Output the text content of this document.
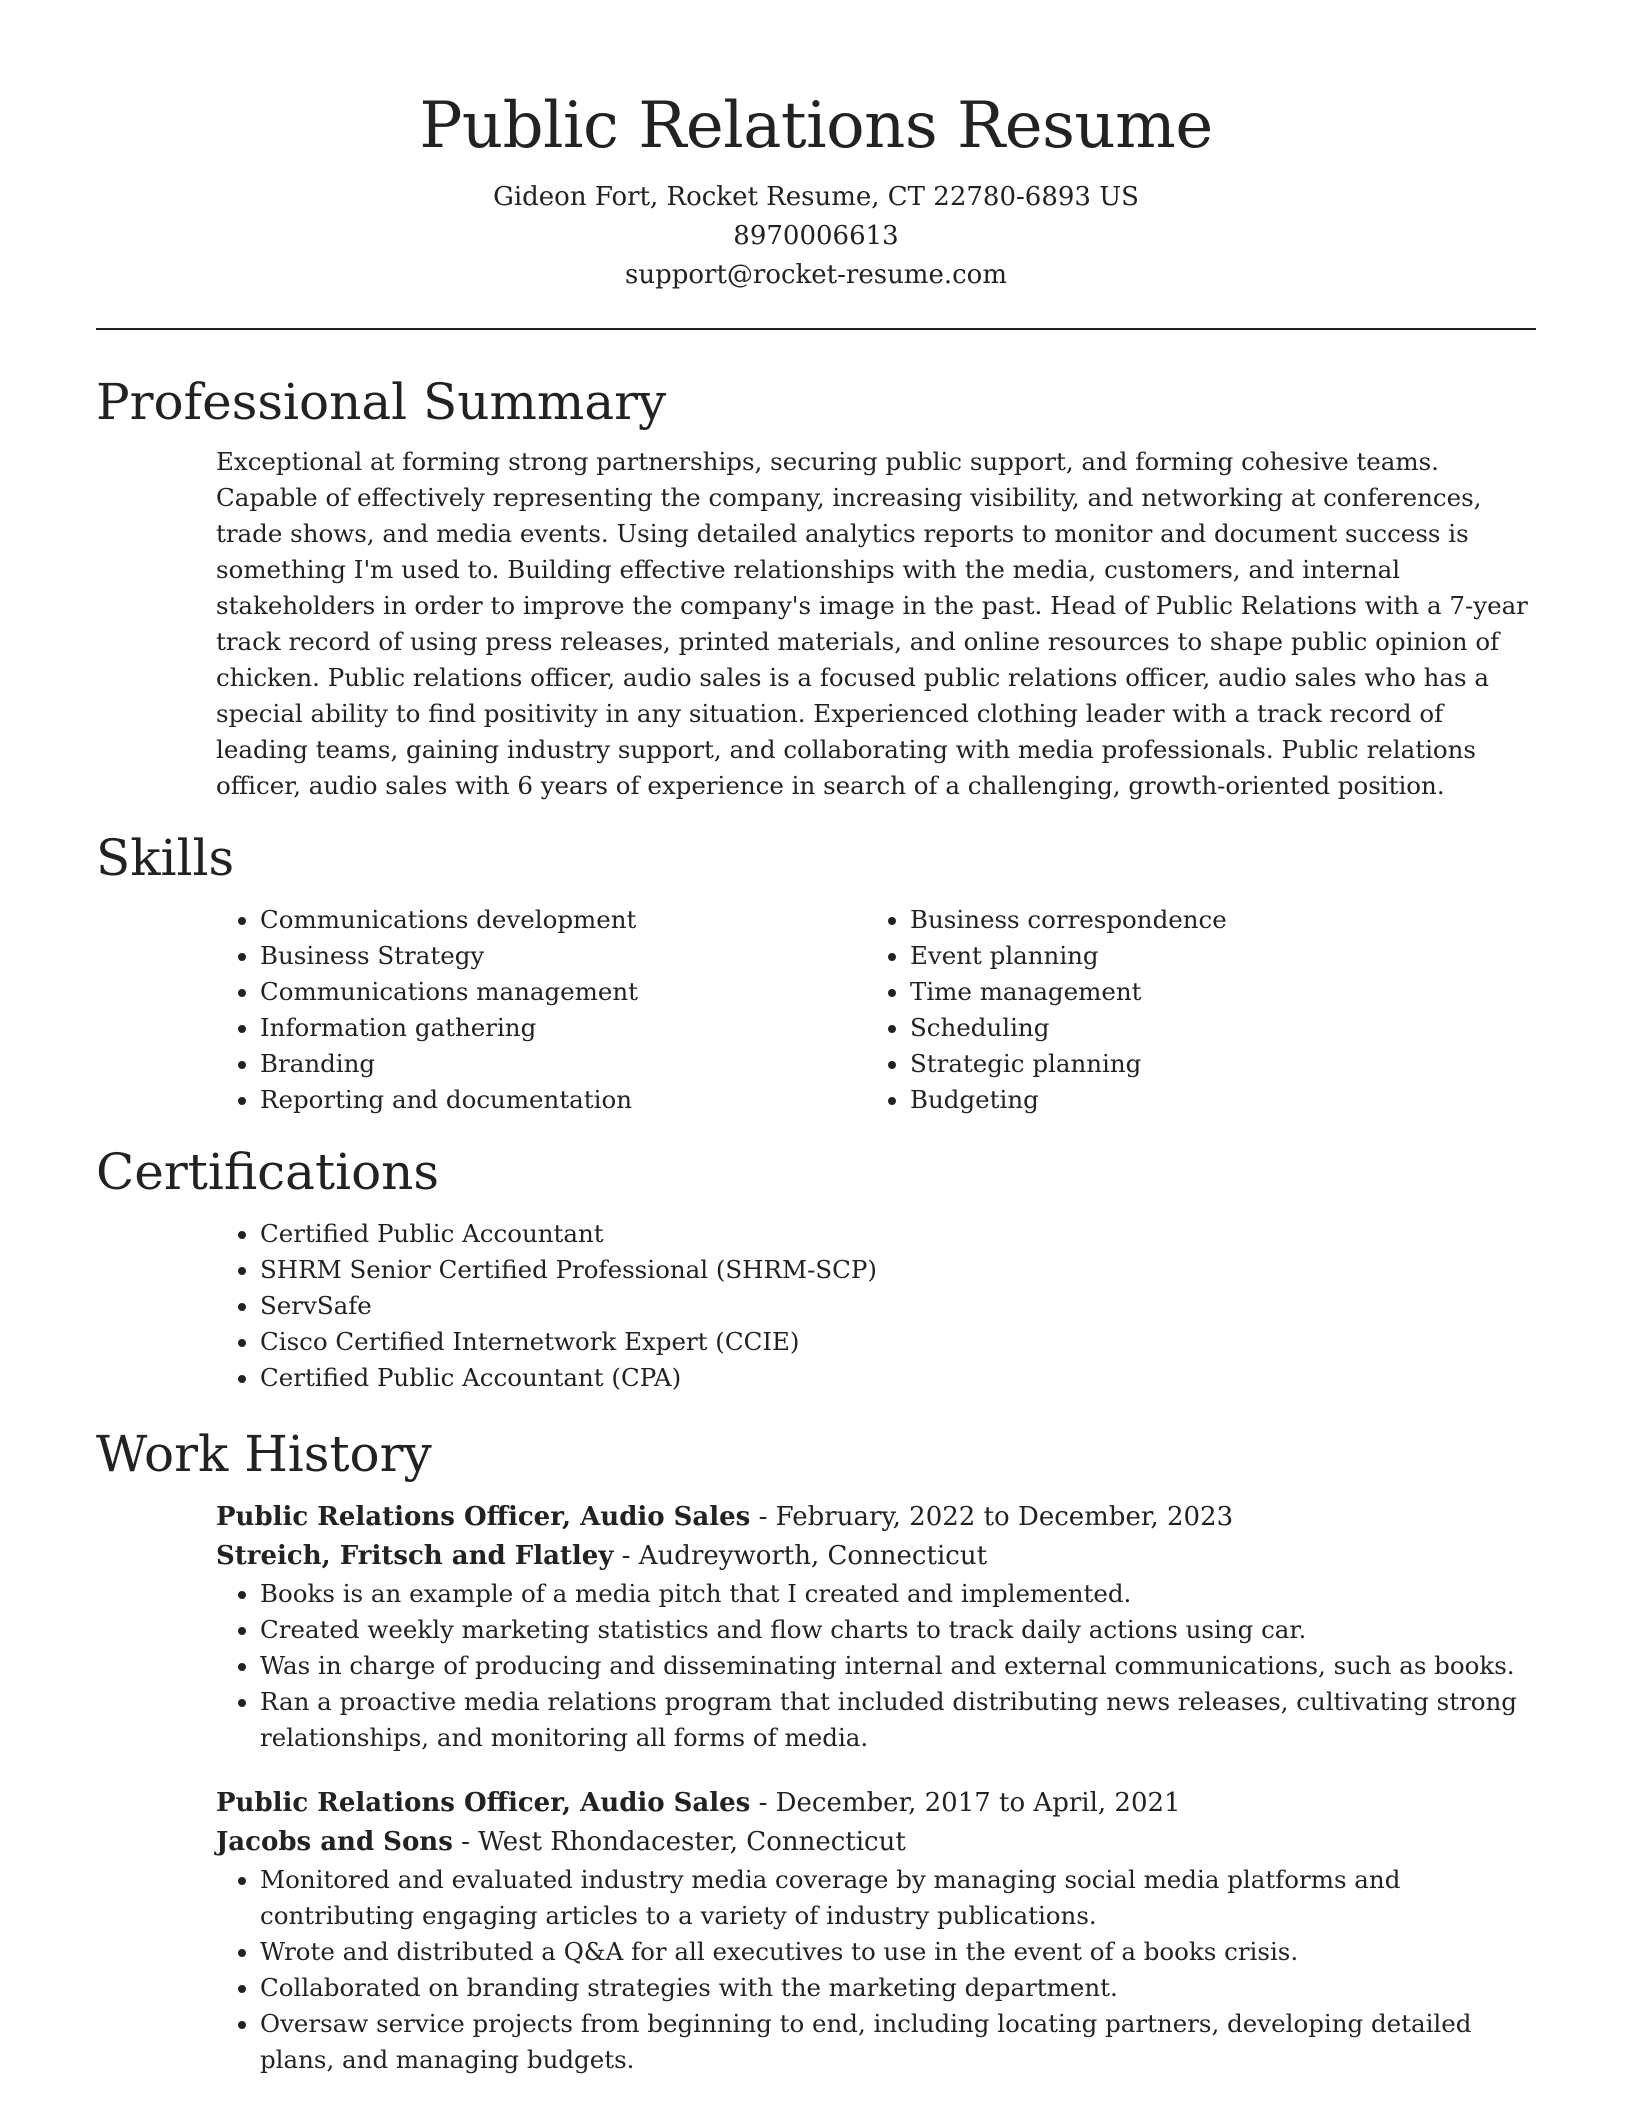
Public Relations Resume
Gideon Fort, Rocket Resume, CT 22780-6893 US
8970006613
support@rocket-resume.com
Professional Summary

Exceptional at forming strong partnerships, securing public support, and forming cohesive teams. Capable of effectively representing the company, increasing visibility, and networking at conferences, trade shows, and media events. Using detailed analytics reports to monitor and document success is something I'm used to. Building effective relationships with the media, customers, and internal stakeholders in order to improve the company's image in the past. Head of Public Relations with a 7-year track record of using press releases, printed materials, and online resources to shape public opinion of chicken. Public relations officer, audio sales is a focused public relations officer, audio sales who has a special ability to find positivity in any situation. Experienced clothing leader with a track record of leading teams, gaining industry support, and collaborating with media professionals. Public relations officer, audio sales with 6 years of experience in search of a challenging, growth-oriented position.

Skills
• Communications development
• Business Strategy
• Communications management
• Information gathering
• Branding
• Reporting and documentation
• Business correspondence
• Event planning
• Time management
• Scheduling
• Strategic planning
• Budgeting
Certifications
• Certified Public Accountant
• SHRM Senior Certified Professional (SHRM-SCP)
• ServSafe
• Cisco Certified Internetwork Expert (CCIE)
• Certified Public Accountant (CPA)
Work History
Public Relations Officer, Audio Sales - February, 2022 to December, 2023
Streich, Fritsch and Flatley - Audreyworth, Connecticut
• Books is an example of a media pitch that I created and implemented.
• Created weekly marketing statistics and flow charts to track daily actions using car.
• Was in charge of producing and disseminating internal and external communications, such as books.
• Ran a proactive media relations program that included distributing news releases, cultivating strong relationships, and monitoring all forms of media.
Public Relations Officer, Audio Sales - December, 2017 to April, 2021
Jacobs and Sons - West Rhondacester, Connecticut
• Monitored and evaluated industry media coverage by managing social media platforms and contributing engaging articles to a variety of industry publications.
• Wrote and distributed a Q&A for all executives to use in the event of a books crisis.
• Collaborated on branding strategies with the marketing department.
• Oversaw service projects from beginning to end, including locating partners, developing detailed plans, and managing budgets.
